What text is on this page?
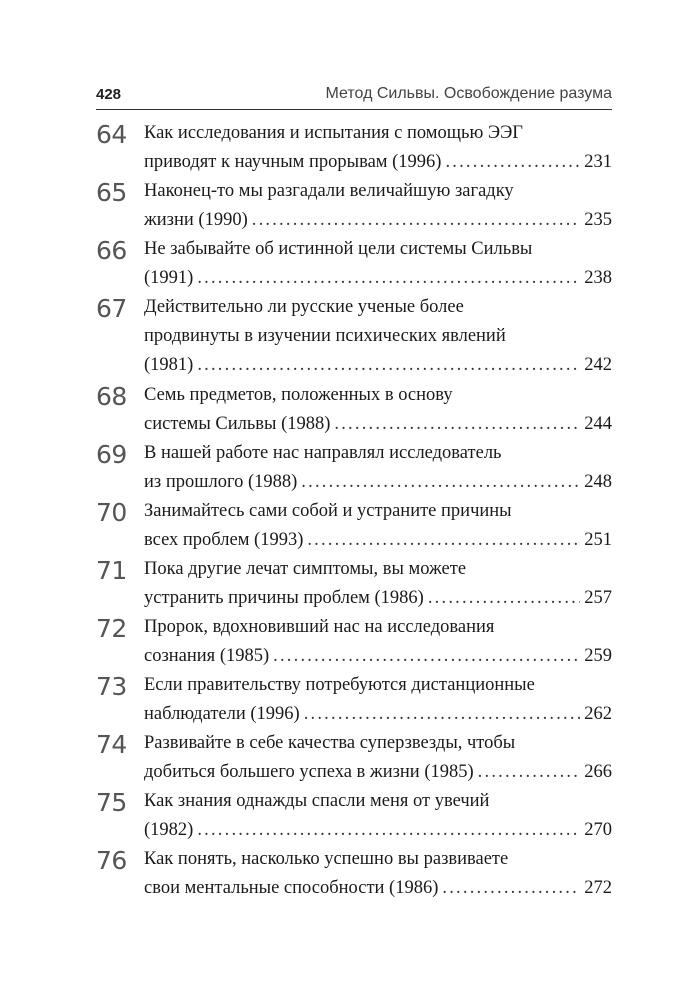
428	Метод Сильвы. Освобождение разума
64 Как исследования и испытания с помощью ЭЭГ
приводят к научным прорывам (1996) .....	231
65 Наконец-то мы разгадали величайшую загадку
жизни (1990) .....	235
66 Не забывайте об истинной цели системы Сильвы
(1991) .....	238
67 Действительно ли русские ученые более
продвинуты в изучении психических явлений
(1981) .....	242
68 Семь предметов, положенных в основу
системы Сильвы (1988) .....	244
69 В нашей работе нас направлял исследователь
из прошлого (1988) .....	248
70 Занимайтесь сами собой и устраните причины
всех проблем (1993) .....	251
71 Пока другие лечат симптомы, вы можете
устранить причины проблем (1986) .....	257
72 Пророк, вдохновивший нас на исследования
сознания (1985) .....	259
73 Если правительству потребуются дистанционные
наблюдатели (1996) .....	262
74 Развивайте в себе качества суперзвезды, чтобы
добиться большего успеха в жизни (1985) .....	266
75 Как знания однажды спасли меня от увечий
(1982) .....	270
76 Как понять, насколько успешно вы развиваете
свои ментальные способности (1986) .....	272
